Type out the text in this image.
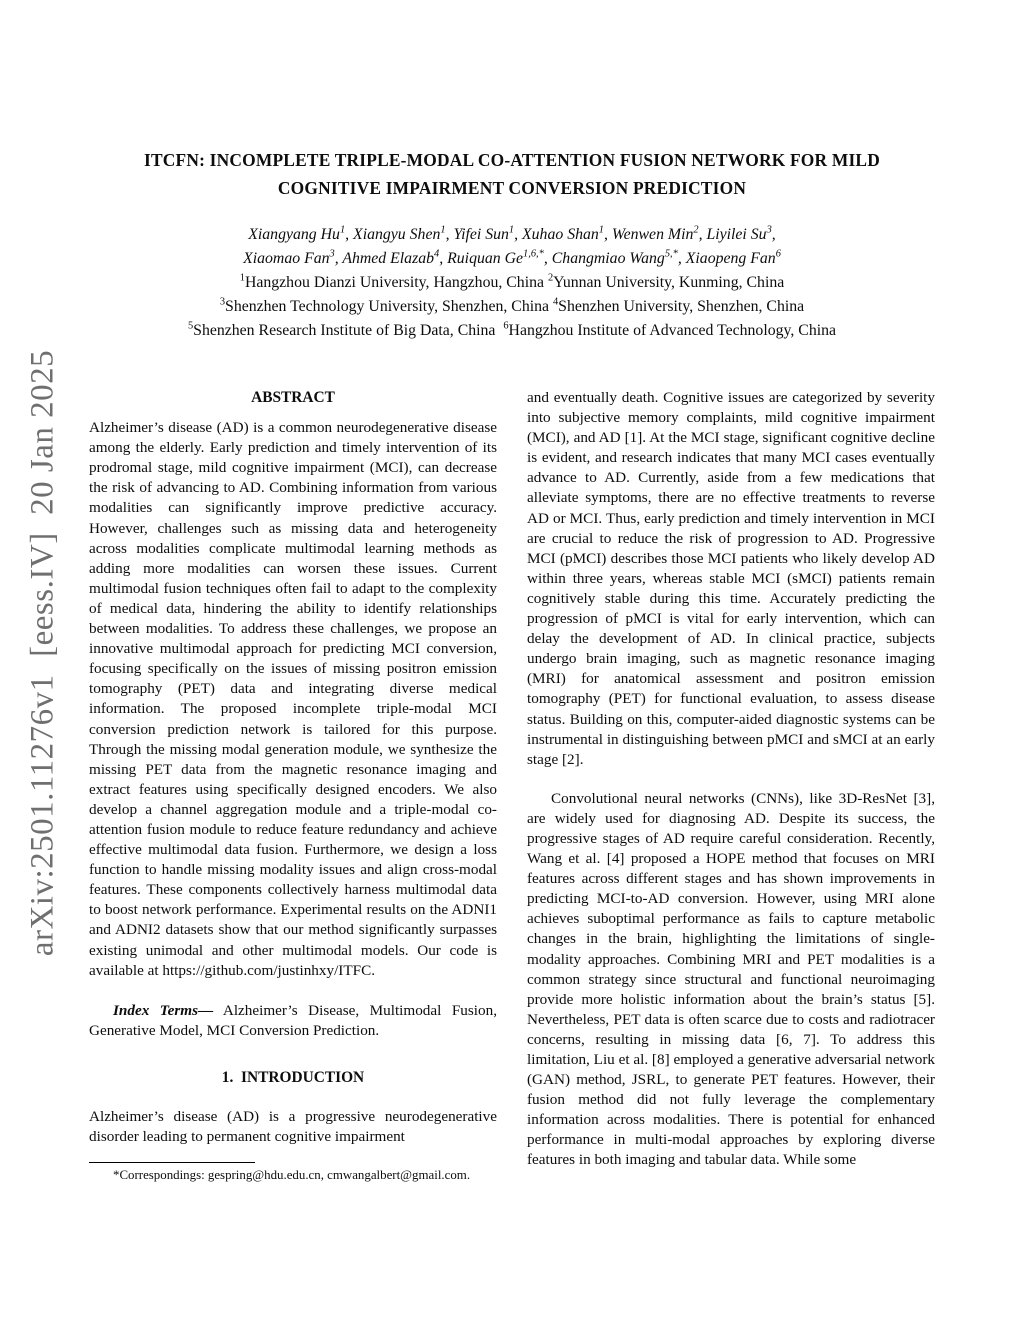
arXiv:2501.11276v1  [eess.IV]  20 Jan 2025
ITCFN: INCOMPLETE TRIPLE-MODAL CO-ATTENTION FUSION NETWORK FOR MILD
COGNITIVE IMPAIRMENT CONVERSION PREDICTION
Xiangyang Hu$^1$, Xiangyu Shen$^1$, Yifei Sun$^1$, Xuhao Shan$^1$, Wenwen Min$^2$, Liyilei Su$^3$,
Xiaomao Fan$^3$, Ahmed Elazab$^4$, Ruiquan $Ge^{1,6,*}$, Changmiao Wang$^{5,*}$, Xiaopeng Fan$^6$
$^1$Hangzhou Dianzi University, Hangzhou, China $^2$Yunnan University, Kunming, China
$^3$Shenzhen Technology University, Shenzhen, China $^4$Shenzhen University, Shenzhen, China
$^5$Shenzhen Research Institute of Big Data, China  $^6$Hangzhou Institute of Advanced Technology, China
ABSTRACT

Alzheimer’s disease (AD) is a common neurodegenerative disease among the elderly. Early prediction and timely intervention of its prodromal stage, mild cognitive impairment (MCI), can decrease the risk of advancing to AD. Combining information from various modalities can significantly improve predictive accuracy. However, challenges such as missing data and heterogeneity across modalities complicate multimodal learning methods as adding more modalities can worsen these issues. Current multimodal fusion techniques often fail to adapt to the complexity of medical data, hindering the ability to identify relationships between modalities. To address these challenges, we propose an innovative multimodal approach for predicting MCI conversion, focusing specifically on the issues of missing positron emission tomography (PET) data and integrating diverse medical information. The proposed incomplete triple-modal MCI conversion prediction network is tailored for this purpose. Through the missing modal generation module, we synthesize the missing PET data from the magnetic resonance imaging and extract features using specifically designed encoders. We also develop a channel aggregation module and a triple-modal co-attention fusion module to reduce feature redundancy and achieve effective multimodal data fusion. Furthermore, we design a loss function to handle missing modality issues and align cross-modal features. These components collectively harness multimodal data to boost network performance. Experimental results on the ADNI1 and ADNI2 datasets show that our method significantly surpasses existing unimodal and other multimodal models. Our code is available at https://github.com/justinhxy/ITFC.

Index Terms— Alzheimer’s Disease, Multimodal Fusion, Generative Model, MCI Conversion Prediction.

1.  INTRODUCTION

Alzheimer’s disease (AD) is a progressive neurodegenerative disorder leading to permanent cognitive impairment

*Correspondings: gespring@hdu.edu.cn, cmwangalbert@gmail.com.

and eventually death. Cognitive issues are categorized by severity into subjective memory complaints, mild cognitive impairment (MCI), and AD [1]. At the MCI stage, significant cognitive decline is evident, and research indicates that many MCI cases eventually advance to AD. Currently, aside from a few medications that alleviate symptoms, there are no effective treatments to reverse AD or MCI. Thus, early prediction and timely intervention in MCI are crucial to reduce the risk of progression to AD. Progressive MCI (pMCI) describes those MCI patients who likely develop AD within three years, whereas stable MCI (sMCI) patients remain cognitively stable during this time. Accurately predicting the progression of pMCI is vital for early intervention, which can delay the development of AD. In clinical practice, subjects undergo brain imaging, such as magnetic resonance imaging (MRI) for anatomical assessment and positron emission tomography (PET) for functional evaluation, to assess disease status. Building on this, computer-aided diagnostic systems can be instrumental in distinguishing between pMCI and sMCI at an early stage [2].

Convolutional neural networks (CNNs), like 3D-ResNet [3], are widely used for diagnosing AD. Despite its success, the progressive stages of AD require careful consideration. Recently, Wang et al. [4] proposed a HOPE method that focuses on MRI features across different stages and has shown improvements in predicting MCI-to-AD conversion. However, using MRI alone achieves suboptimal performance as fails to capture metabolic changes in the brain, highlighting the limitations of single-modality approaches. Combining MRI and PET modalities is a common strategy since structural and functional neuroimaging provide more holistic information about the brain’s status [5]. Nevertheless, PET data is often scarce due to costs and radiotracer concerns, resulting in missing data [6, 7]. To address this limitation, Liu et al. [8] employed a generative adversarial network (GAN) method, JSRL, to generate PET features. However, their fusion method did not fully leverage the complementary information across modalities. There is potential for enhanced performance in multi-modal approaches by exploring diverse features in both imaging and tabular data. While some
